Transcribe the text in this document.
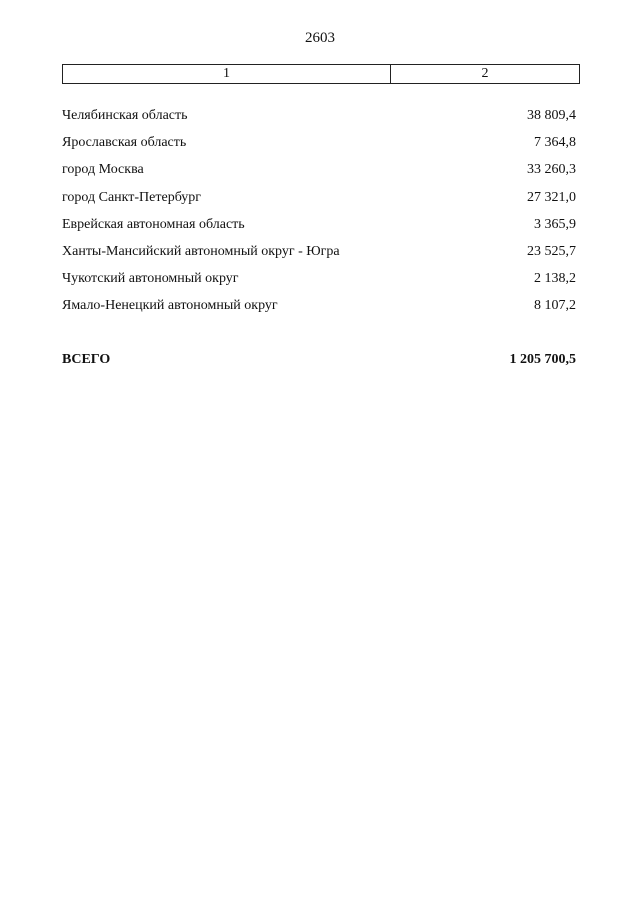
2603
1	2
Челябинская область	38 809,4
Ярославская область	7 364,8
город Москва	33 260,3
город Санкт-Петербург	27 321,0
Еврейская автономная область	3 365,9
Ханты-Мансийский автономный округ - Югра	23 525,7
Чукотский автономный округ	2 138,2
Ямало-Ненецкий автономный округ	8 107,2
ВСЕГО	1 205 700,5
